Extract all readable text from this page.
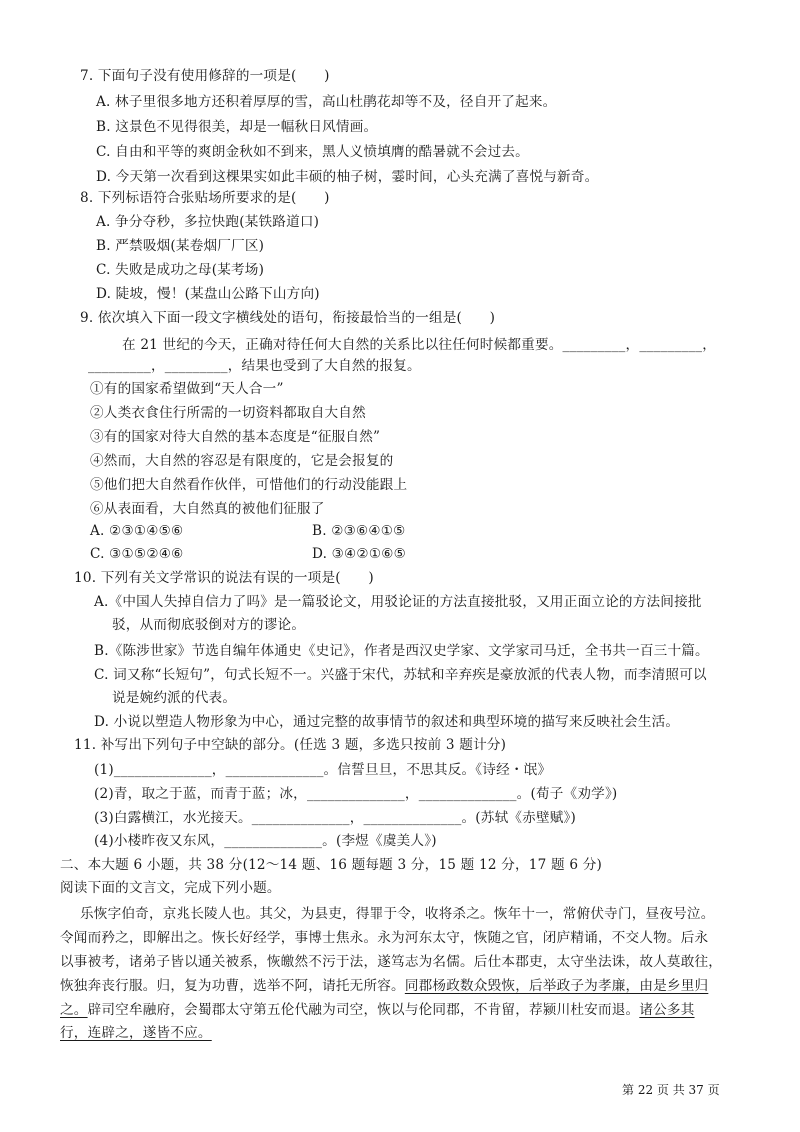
7. 下面句子没有使用修辞的一项是(　　)
A. 林子里很多地方还积着厚厚的雪，高山杜鹃花却等不及，径自开了起来。
B. 这景色不见得很美，却是一幅秋日风情画。
C. 自由和平等的爽朗金秋如不到来，黑人义愤填膺的酷暑就不会过去。
D. 今天第一次看到这棵果实如此丰硕的柚子树，霎时间，心头充满了喜悦与新奇。
8. 下列标语符合张贴场所要求的是(　　)
A. 争分夺秒，多拉快跑(某铁路道口)
B. 严禁吸烟(某卷烟厂厂区)
C. 失败是成功之母(某考场)
D. 陡坡，慢！(某盘山公路下山方向)
9. 依次填入下面一段文字横线处的语句，衔接最恰当的一组是(　　)
在 21 世纪的今天，正确对待任何大自然的关系比以往任何时候都重要。_________，_________，
_________，_________，结果也受到了大自然的报复。
①有的国家希望做到“天人合一”
②人类衣食住行所需的一切资料都取自大自然
③有的国家对待大自然的基本态度是“征服自然”
④然而，大自然的容忍是有限度的，它是会报复的
⑤他们把大自然看作伙伴，可惜他们的行动没能跟上
⑥从表面看，大自然真的被他们征服了
A. ②③①④⑤⑥	B. ②③⑥④①⑤
C. ③①⑤②④⑥	D. ③④②①⑥⑤
10. 下列有关文学常识的说法有误的一项是(　　)
A.《中国人失掉自信力了吗》是一篇驳论文，用驳论证的方法直接批驳，又用正面立论的方法间接批
驳，从而彻底驳倒对方的谬论。
B.《陈涉世家》节选自编年体通史《史记》，作者是西汉史学家、文学家司马迁，全书共一百三十篇。
C. 词又称“长短句”，句式长短不一。兴盛于宋代，苏轼和辛弃疾是豪放派的代表人物，而李清照可以
说是婉约派的代表。
D. 小说以塑造人物形象为中心，通过完整的故事情节的叙述和典型环境的描写来反映社会生活。
11. 补写出下列句子中空缺的部分。(任选 3 题，多选只按前 3 题计分)
(1)______________，______________。信誓旦旦，不思其反。《诗经・氓》
(2)青，取之于蓝，而青于蓝；冰，______________，______________。(荀子《劝学》)
(3)白露横江，水光接天。______________，______________。(苏轼《赤壁赋》)
(4)小楼昨夜又东风，______________。(李煜《虞美人》)
二、本大题 6 小题，共 38 分(12～14 题、16 题每题 3 分，15 题 12 分，17 题 6 分)
阅读下面的文言文，完成下列小题。
乐恢字伯奇，京兆长陵人也。其父，为县吏，得罪于令，收将杀之。恢年十一，常俯伏寺门，昼夜号泣。
令闻而矜之，即解出之。恢长好经学，事博士焦永。永为河东太守，恢随之官，闭庐精诵，不交人物。后永
以事被考，诸弟子皆以通关被系，恢皦然不污于法，遂笃志为名儒。后仕本郡吏，太守坐法诛，故人莫敢往，
恢独奔丧行服。归，复为功曹，选举不阿，请托无所容。同郡杨政数众毁恢，后举政子为孝廉，由是乡里归
之。辟司空牟融府，会蜀郡太守第五伦代融为司空，恢以与伦同郡，不肯留，荐颍川杜安而退。诸公多其
行，连辟之，遂皆不应。
第 22 页 共 37 页
